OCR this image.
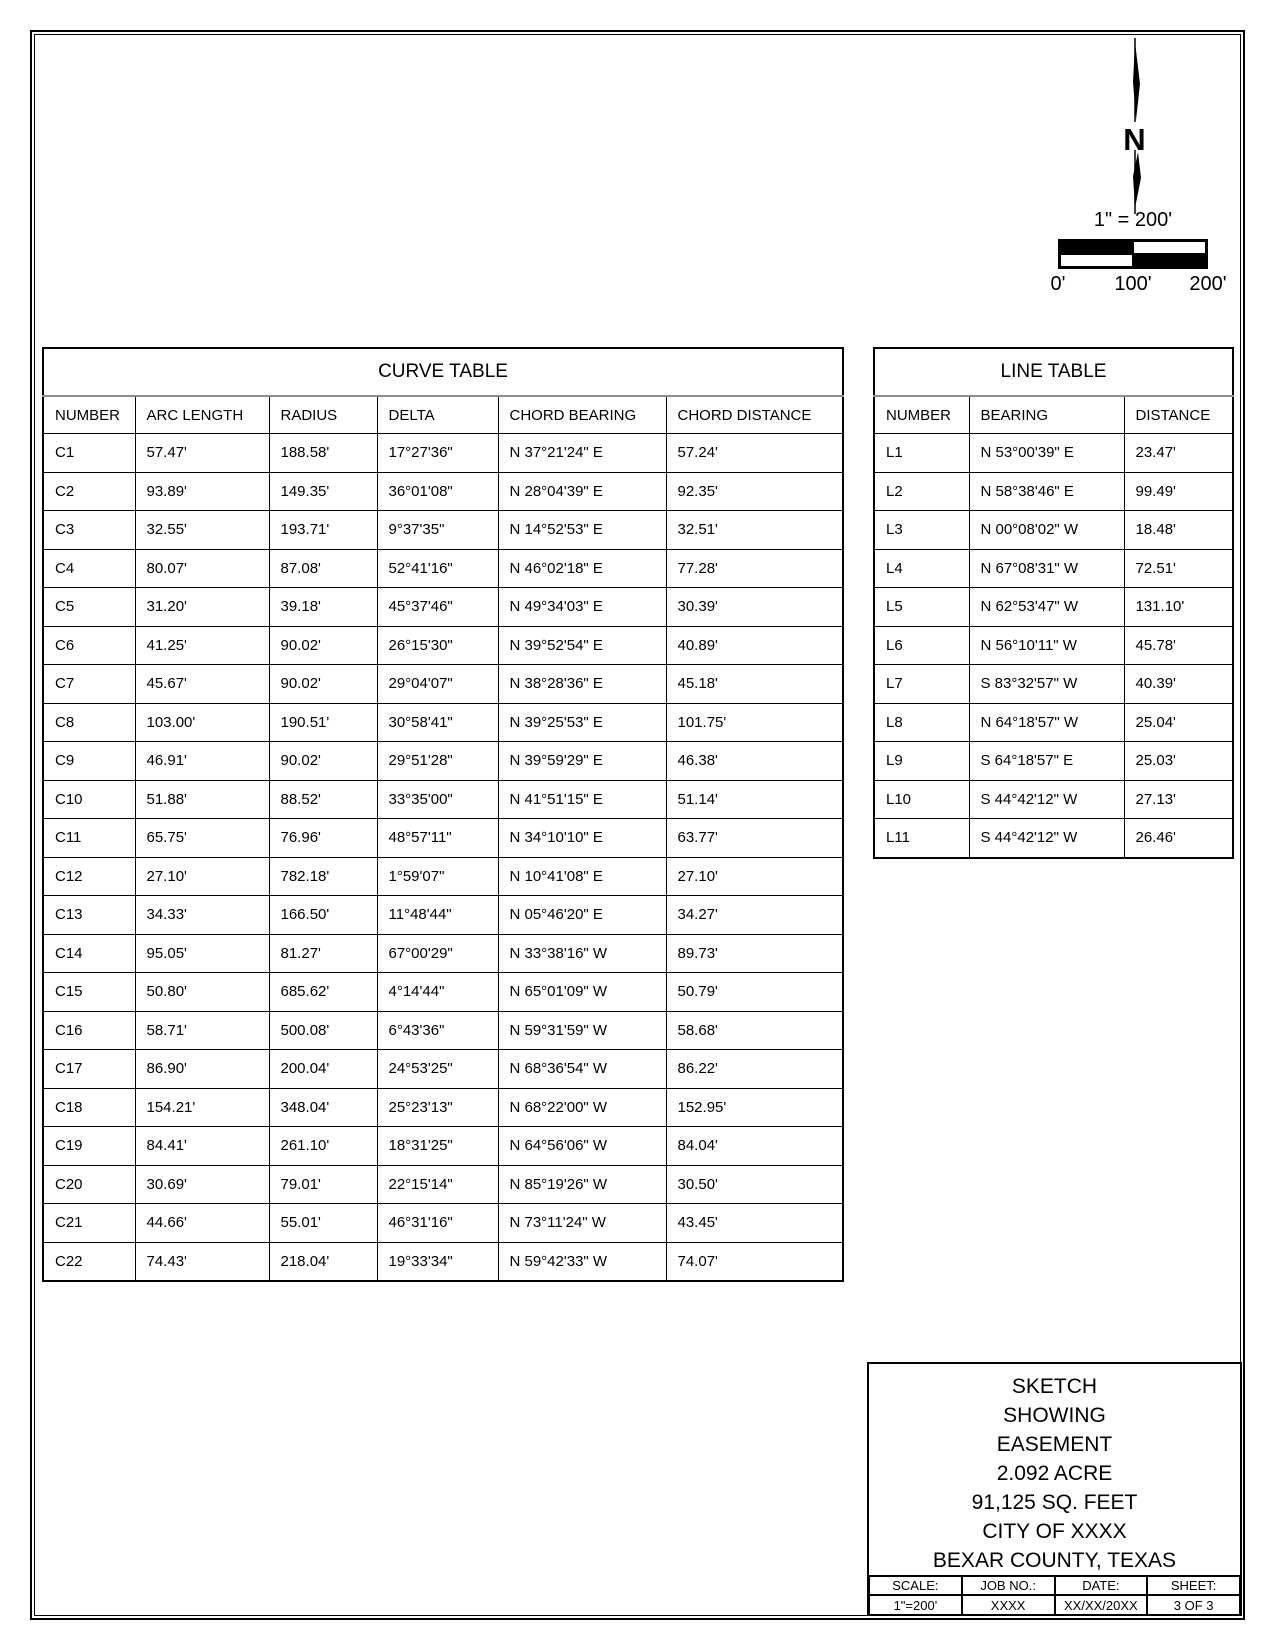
N
1" = 200'
0'	100'	200'
CURVE TABLE					
NUMBER	ARC LENGTH	RADIUS	DELTA	CHORD BEARING	CHORD DISTANCE
C1	57.47'	188.58'	17°27'36"	N 37°21'24" E	57.24'
C2	93.89'	149.35'	36°01'08"	N 28°04'39" E	92.35'
C3	32.55'	193.71'	9°37'35"	N 14°52'53" E	32.51'
C4	80.07'	87.08'	52°41'16"	N 46°02'18" E	77.28'
C5	31.20'	39.18'	45°37'46"	N 49°34'03" E	30.39'
C6	41.25'	90.02'	26°15'30"	N 39°52'54" E	40.89'
C7	45.67'	90.02'	29°04'07"	N 38°28'36" E	45.18'
C8	103.00'	190.51'	30°58'41"	N 39°25'53" E	101.75'
C9	46.91'	90.02'	29°51'28"	N 39°59'29" E	46.38'
C10	51.88'	88.52'	33°35'00"	N 41°51'15" E	51.14'
C11	65.75'	76.96'	48°57'11"	N 34°10'10" E	63.77'
C12	27.10'	782.18'	1°59'07"	N 10°41'08" E	27.10'
C13	34.33'	166.50'	11°48'44"	N 05°46'20" E	34.27'
C14	95.05'	81.27'	67°00'29"	N 33°38'16" W	89.73'
C15	50.80'	685.62'	4°14'44"	N 65°01'09" W	50.79'
C16	58.71'	500.08'	6°43'36"	N 59°31'59" W	58.68'
C17	86.90'	200.04'	24°53'25"	N 68°36'54" W	86.22'
C18	154.21'	348.04'	25°23'13"	N 68°22'00" W	152.95'
C19	84.41'	261.10'	18°31'25"	N 64°56'06" W	84.04'
C20	30.69'	79.01'	22°15'14"	N 85°19'26" W	30.50'
C21	44.66'	55.01'	46°31'16"	N 73°11'24" W	43.45'
C22	74.43'	218.04'	19°33'34"	N 59°42'33" W	74.07'
LINE TABLE		
NUMBER	BEARING	DISTANCE
L1	N 53°00'39" E	23.47'
L2	N 58°38'46" E	99.49'
L3	N 00°08'02" W	18.48'
L4	N 67°08'31" W	72.51'
L5	N 62°53'47" W	131.10'
L6	N 56°10'11" W	45.78'
L7	S 83°32'57" W	40.39'
L8	N 64°18'57" W	25.04'
L9	S 64°18'57" E	25.03'
L10	S 44°42'12" W	27.13'
L11	S 44°42'12" W	26.46'
SKETCH
SHOWING
EASEMENT
2.092 ACRE
91,125 SQ. FEET
CITY OF XXXX
BEXAR COUNTY, TEXAS
SCALE:	JOB NO.:	DATE:	SHEET:
1"=200'	XXXX	XX/XX/20XX	3 OF 3
